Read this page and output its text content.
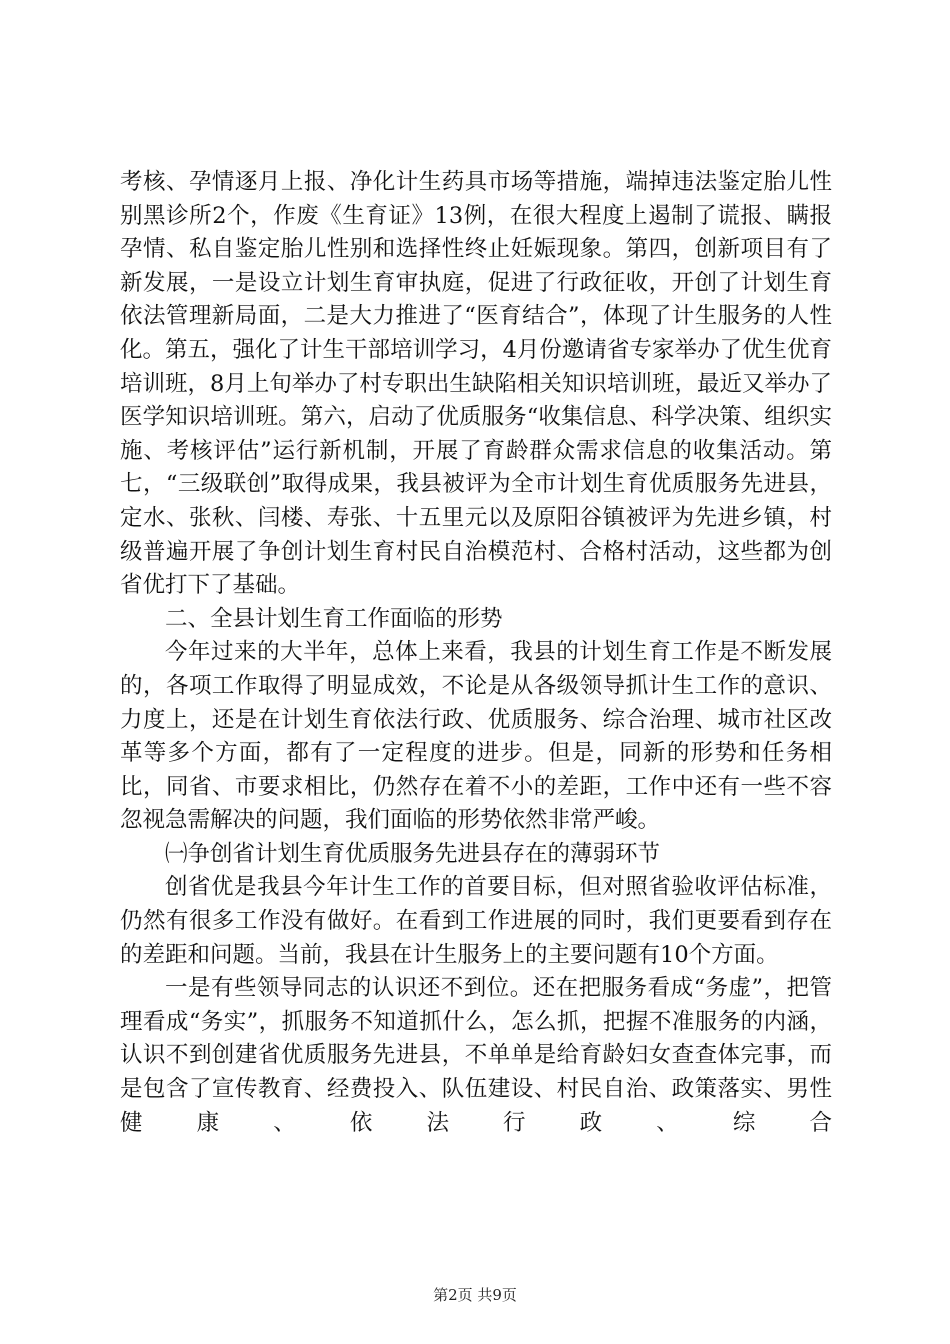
考核、孕情逐月上报、净化计生药具市场等措施，端掉违法鉴定胎儿性别黑诊所2个，作废《生育证》13例，在很大程度上遏制了谎报、瞒报孕情、私自鉴定胎儿性别和选择性终止妊娠现象。第四，创新项目有了新发展，一是设立计划生育审执庭，促进了行政征收，开创了计划生育依法管理新局面，二是大力推进了“医育结合”，体现了计生服务的人性化。第五，强化了计生干部培训学习，4月份邀请省专家举办了优生优育培训班，8月上旬举办了村专职出生缺陷相关知识培训班，最近又举办了医学知识培训班。第六，启动了优质服务“收集信息、科学决策、组织实施、考核评估”运行新机制，开展了育龄群众需求信息的收集活动。第七，“三级联创”取得成果，我县被评为全市计划生育优质服务先进县，定水、张秋、闫楼、寿张、十五里元以及原阳谷镇被评为先进乡镇，村级普遍开展了争创计划生育村民自治模范村、合格村活动，这些都为创省优打下了基础。

二、全县计划生育工作面临的形势

今年过来的大半年，总体上来看，我县的计划生育工作是不断发展的，各项工作取得了明显成效，不论是从各级领导抓计生工作的意识、力度上，还是在计划生育依法行政、优质服务、综合治理、城市社区改革等多个方面，都有了一定程度的进步。但是，同新的形势和任务相比，同省、市要求相比，仍然存在着不小的差距，工作中还有一些不容忽视急需解决的问题，我们面临的形势依然非常严峻。

㈠争创省计划生育优质服务先进县存在的薄弱环节

创省优是我县今年计生工作的首要目标，但对照省验收评估标准，仍然有很多工作没有做好。在看到工作进展的同时，我们更要看到存在的差距和问题。当前，我县在计生服务上的主要问题有10个方面。

一是有些领导同志的认识还不到位。还在把服务看成“务虚”，把管理看成“务实”，抓服务不知道抓什么，怎么抓，把握不准服务的内涵，认识不到创建省优质服务先进县，不单单是给育龄妇女查查体完事，而是包含了宣传教育、经费投入、队伍建设、村民自治、政策落实、男性健康、依法行政、综合

第2页 共9页
